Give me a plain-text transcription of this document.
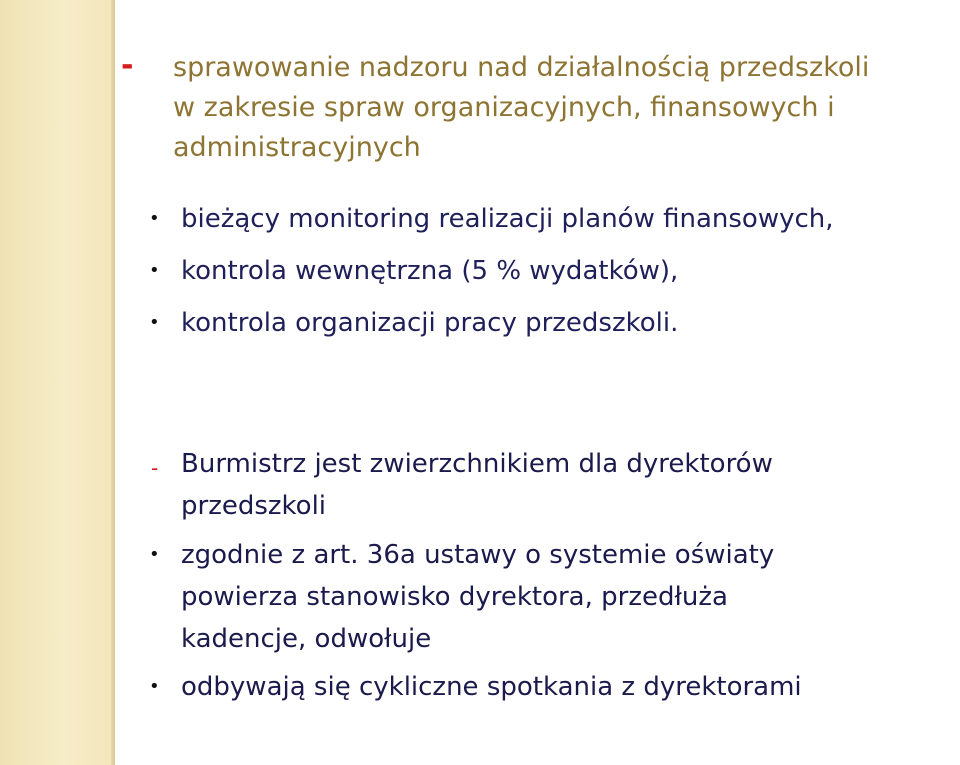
- sprawowanie nadzoru nad działalnością przedszkoli
w zakresie spraw organizacyjnych, finansowych i
administracyjnych
• bieżący monitoring realizacji planów finansowych,
• kontrola wewnętrzna (5 % wydatków),
• kontrola organizacji pracy przedszkoli.
- Burmistrz jest zwierzchnikiem dla dyrektorów
przedszkoli
• zgodnie z art. 36a ustawy o systemie oświaty
powierza stanowisko dyrektora, przedłuża
kadencje, odwołuje
• odbywają się cykliczne spotkania z dyrektorami
